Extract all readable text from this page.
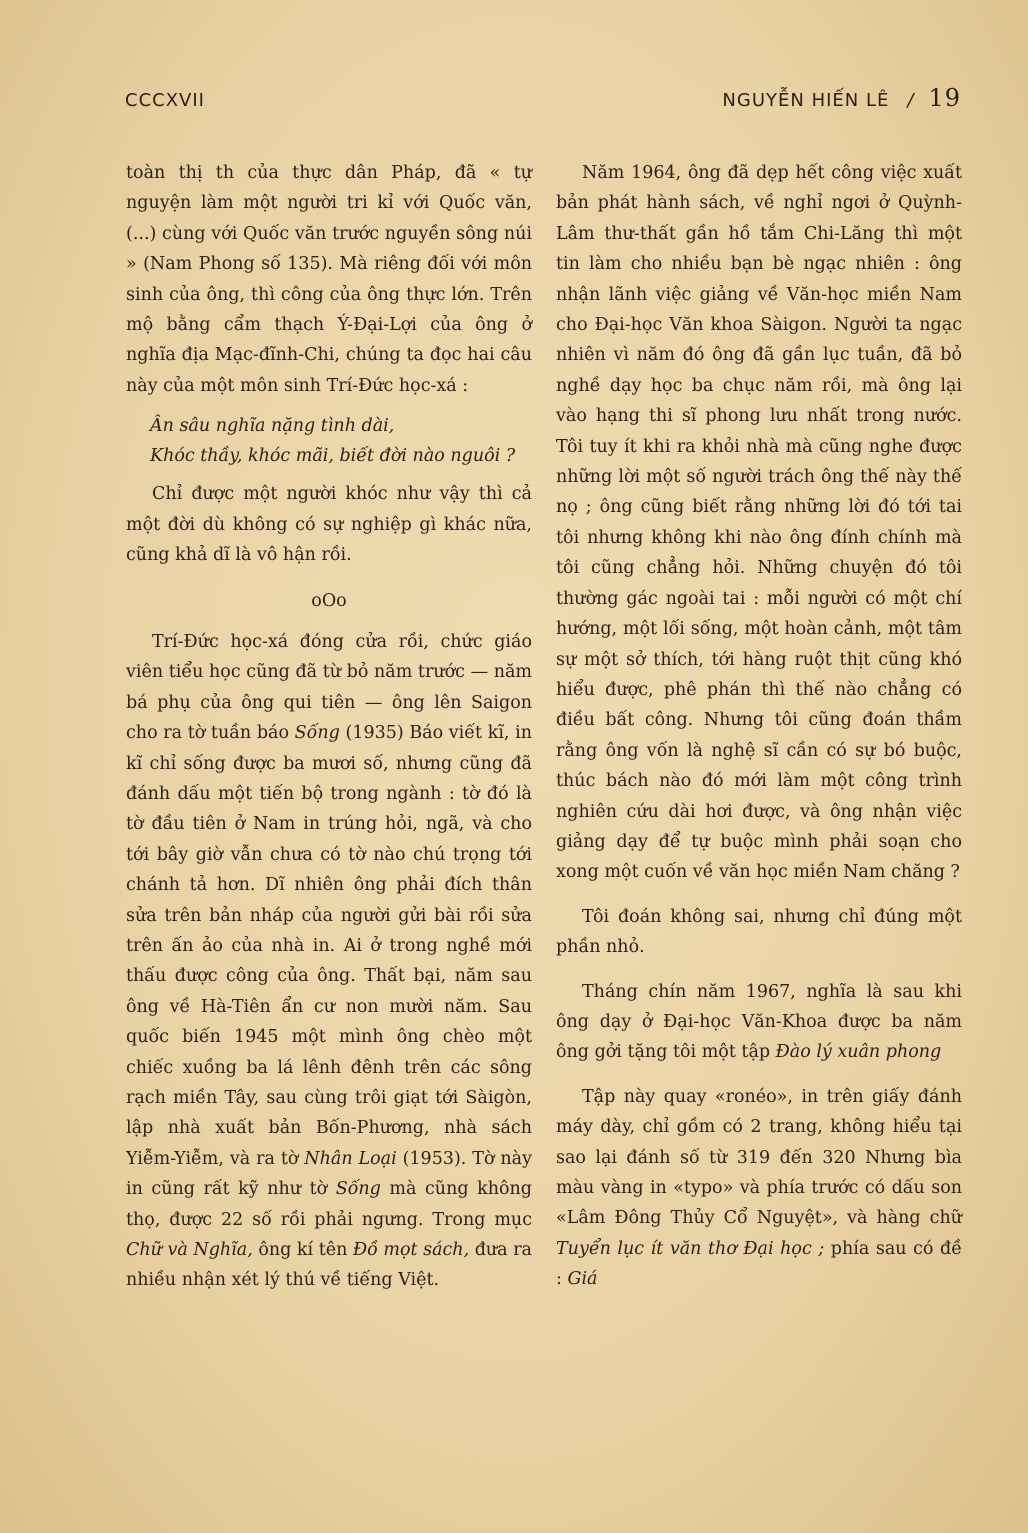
CCCXVII	NGUYỄN HIẾN LÊ / 19

toàn thị th của thực dân Pháp, đã « tự nguyện làm một người tri kỉ với Quốc văn, (...) cùng với Quốc văn trước nguyền sông núi » (Nam Phong số 135). Mà riêng đối với môn sinh của ông, thì công của ông thực lớn. Trên mộ bằng cẩm thạch Ý-Đại-Lợi của ông ở nghĩa địa Mạc-đĩnh-Chi, chúng ta đọc hai câu này của một môn sinh Trí-Đức học-xá :

Ân sâu nghĩa nặng tình dài,
Khóc thầy, khóc mãi, biết đời nào nguôi ?

Chỉ được một người khóc như vậy thì cả một đời dù không có sự nghiệp gì khác nữa, cũng khả dĩ là vô hận rồi.

oOo

Trí-Đức học-xá đóng cửa rồi, chức giáo viên tiểu học cũng đã từ bỏ năm trước — năm bá phụ của ông qui tiên — ông lên Saigon cho ra tờ tuần báo Sống (1935) Báo viết kĩ, in kĩ chỉ sống được ba mươi số, nhưng cũng đã đánh dấu một tiến bộ trong ngành : tờ đó là tờ đầu tiên ở Nam in trúng hỏi, ngã, và cho tới bây giờ vẫn chưa có tờ nào chú trọng tới chánh tả hơn. Dĩ nhiên ông phải đích thân sửa trên bản nháp của người gửi bài rồi sửa trên ấn ảo của nhà in. Ai ở trong nghề mới thấu được công của ông. Thất bại, năm sau ông về Hà-Tiên ẩn cư non mười năm. Sau quốc biến 1945 một mình ông chèo một chiếc xuồng ba lá lênh đênh trên các sông rạch miền Tây, sau cùng trôi giạt tới Sàigòn, lập nhà xuất bản Bốn-Phương, nhà sách Yiễm-Yiễm, và ra tờ Nhân Loại (1953). Tờ này in cũng rất kỹ như tờ Sống mà cũng không thọ, được 22 số rồi phải ngưng. Trong mục Chữ và Nghĩa, ông kí tên Đồ mọt sách, đưa ra nhiều nhận xét lý thú về tiếng Việt.

Năm 1964, ông đã dẹp hết công việc xuất bản phát hành sách, về nghỉ ngơi ở Quỳnh-Lâm thư-thất gần hồ tắm Chi-Lăng thì một tin làm cho nhiều bạn bè ngạc nhiên : ông nhận lãnh việc giảng về Văn-học miền Nam cho Đại-học Văn khoa Sàigon. Người ta ngạc nhiên vì năm đó ông đã gần lục tuần, đã bỏ nghề dạy học ba chục năm rồi, mà ông lại vào hạng thi sĩ phong lưu nhất trong nước. Tôi tuy ít khi ra khỏi nhà mà cũng nghe được những lời một số người trách ông thế này thế nọ ; ông cũng biết rằng những lời đó tới tai tôi nhưng không khi nào ông đính chính mà tôi cũng chẳng hỏi. Những chuyện đó tôi thường gác ngoài tai : mỗi người có một chí hướng, một lối sống, một hoàn cảnh, một tâm sự một sở thích, tới hàng ruột thịt cũng khó hiểu được, phê phán thì thế nào chẳng có điều bất công. Nhưng tôi cũng đoán thầm rằng ông vốn là nghệ sĩ cần có sự bó buộc, thúc bách nào đó mới làm một công trình nghiên cứu dài hơi được, và ông nhận việc giảng dạy để tự buộc mình phải soạn cho xong một cuốn về văn học miền Nam chăng ?

Tôi đoán không sai, nhưng chỉ đúng một phần nhỏ.

Tháng chín năm 1967, nghĩa là sau khi ông dạy ở Đại-học Văn-Khoa được ba năm ông gởi tặng tôi một tập Đào lý xuân phong

Tập này quay «ronéo», in trên giấy đánh máy dày, chỉ gồm có 2 trang, không hiểu tại sao lại đánh số từ 319 đến 320 Nhưng bìa màu vàng in «typo» và phía trước có dấu son «Lâm Đông Thủy Cổ Nguyệt», và hàng chữ Tuyển lục ít văn thơ Đại học ; phía sau có đề : Giá
